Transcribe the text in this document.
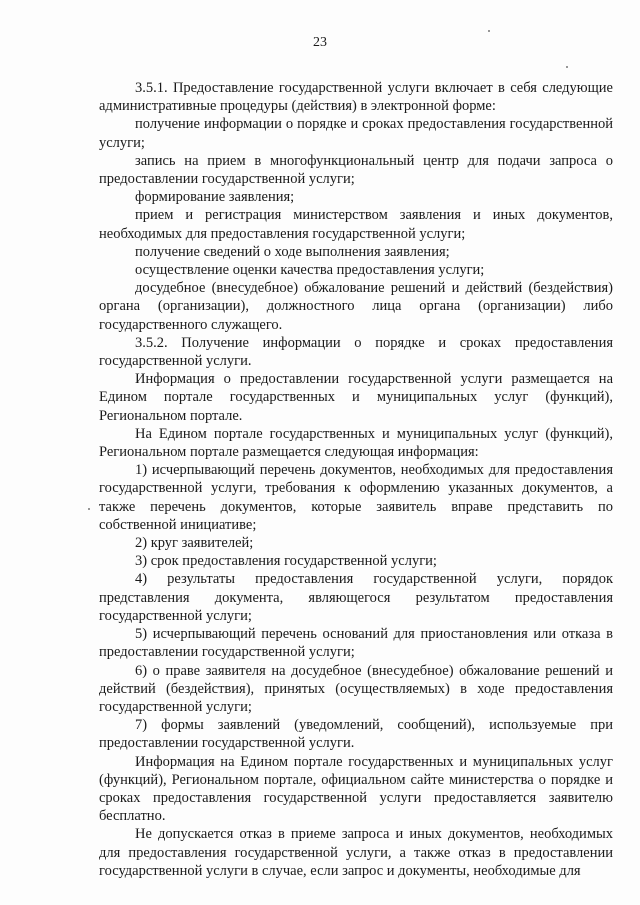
23

3.5.1. Предоставление государственной услуги включает в себя следующие административные процедуры (действия) в электронной форме:

получение информации о порядке и сроках предоставления государственной услуги;

запись на прием в многофункциональный центр для подачи запроса о предоставлении государственной услуги;

формирование заявления;

прием и регистрация министерством заявления и иных документов, необходимых для предоставления государственной услуги;

получение сведений о ходе выполнения заявления;

осуществление оценки качества предоставления услуги;

досудебное (внесудебное) обжалование решений и действий (бездействия) органа (организации), должностного лица органа (организации) либо государственного служащего.

3.5.2. Получение информации о порядке и сроках предоставления государственной услуги.

Информация о предоставлении государственной услуги размещается на Едином портале государственных и муниципальных услуг (функций), Региональном портале.

На Едином портале государственных и муниципальных услуг (функций), Региональном портале размещается следующая информация:

1) исчерпывающий перечень документов, необходимых для предоставления государственной услуги, требования к оформлению указанных документов, а также перечень документов, которые заявитель вправе представить по собственной инициативе;

2) круг заявителей;

3) срок предоставления государственной услуги;

4) результаты предоставления государственной услуги, порядок представления документа, являющегося результатом предоставления государственной услуги;

5) исчерпывающий перечень оснований для приостановления или отказа в предоставлении государственной услуги;

6) о праве заявителя на досудебное (внесудебное) обжалование решений и действий (бездействия), принятых (осуществляемых) в ходе предоставления государственной услуги;

7) формы заявлений (уведомлений, сообщений), используемые при предоставлении государственной услуги.

Информация на Едином портале государственных и муниципальных услуг (функций), Региональном портале, официальном сайте министерства о порядке и сроках предоставления государственной услуги предоставляется заявителю бесплатно.

Не допускается отказ в приеме запроса и иных документов, необходимых для предоставления государственной услуги, а также отказ в предоставлении государственной услуги в случае, если запрос и документы, необходимые для
